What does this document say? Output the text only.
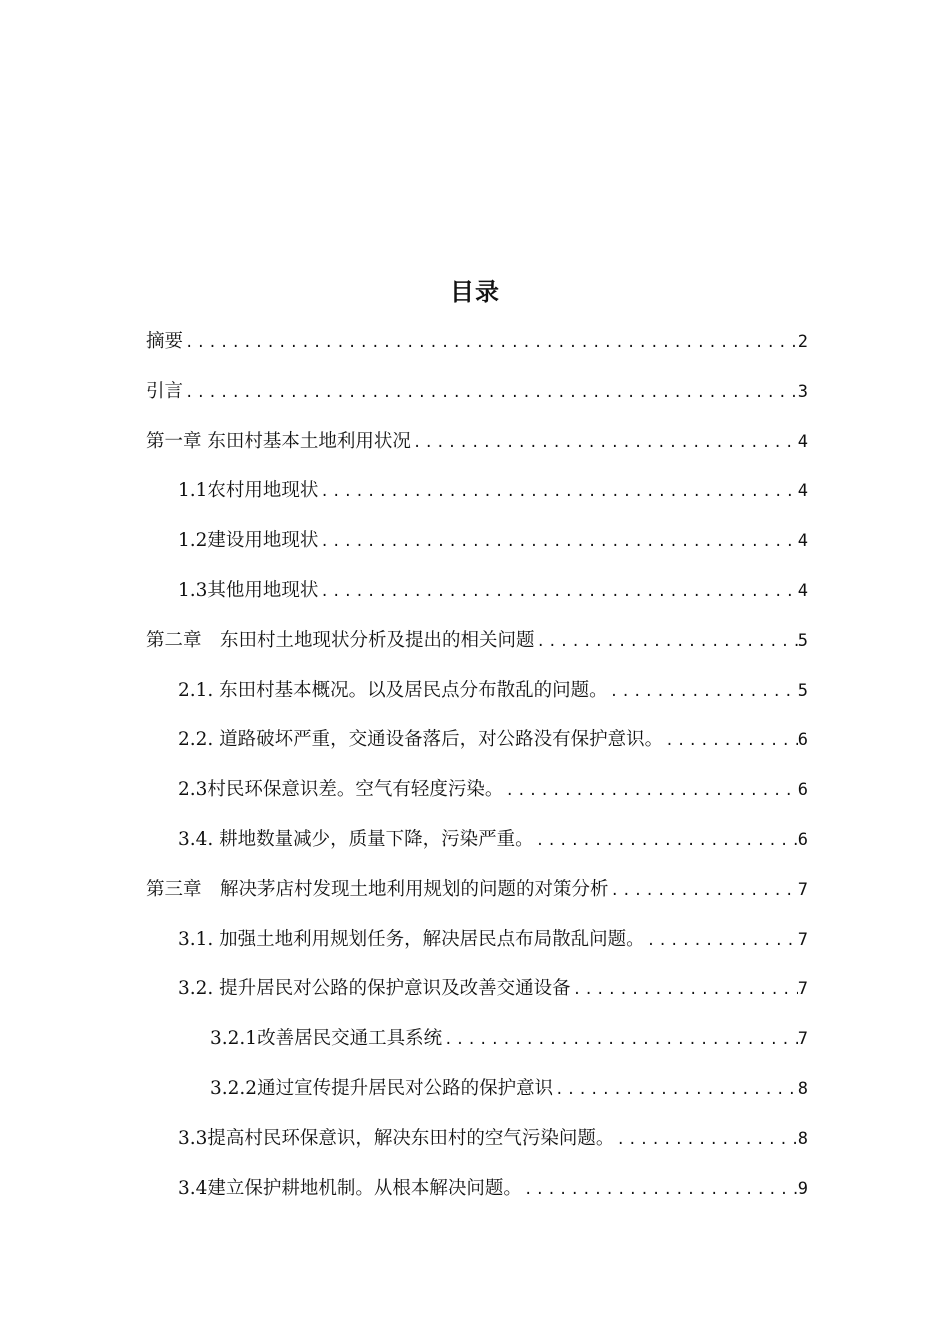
目录
摘要 .....	2
引言 .....	3
第一章 东田村基本土地利用状况 .....	4
1.1农村用地现状 .....	4
1.2建设用地现状 .....	4
1.3其他用地现状 .....	4
第二章　东田村土地现状分析及提出的相关问题 .....	5
2.1. 东田村基本概况。以及居民点分布散乱的问题。 .....	5
2.2. 道路破坏严重，交通设备落后，对公路没有保护意识。 .....	6
2.3村民环保意识差。空气有轻度污染。 .....	6
3.4. 耕地数量减少，质量下降，污染严重。 .....	6
第三章　解决茅店村发现土地利用规划的问题的对策分析 .....	7
3.1. 加强土地利用规划任务，解决居民点布局散乱问题。 .....	7
3.2. 提升居民对公路的保护意识及改善交通设备 .....	7
3.2.1改善居民交通工具系统 .....	7
3.2.2通过宣传提升居民对公路的保护意识 .....	8
3.3提高村民环保意识，解决东田村的空气污染问题。 .....	8
3.4建立保护耕地机制。从根本解决问题。 .....	9
